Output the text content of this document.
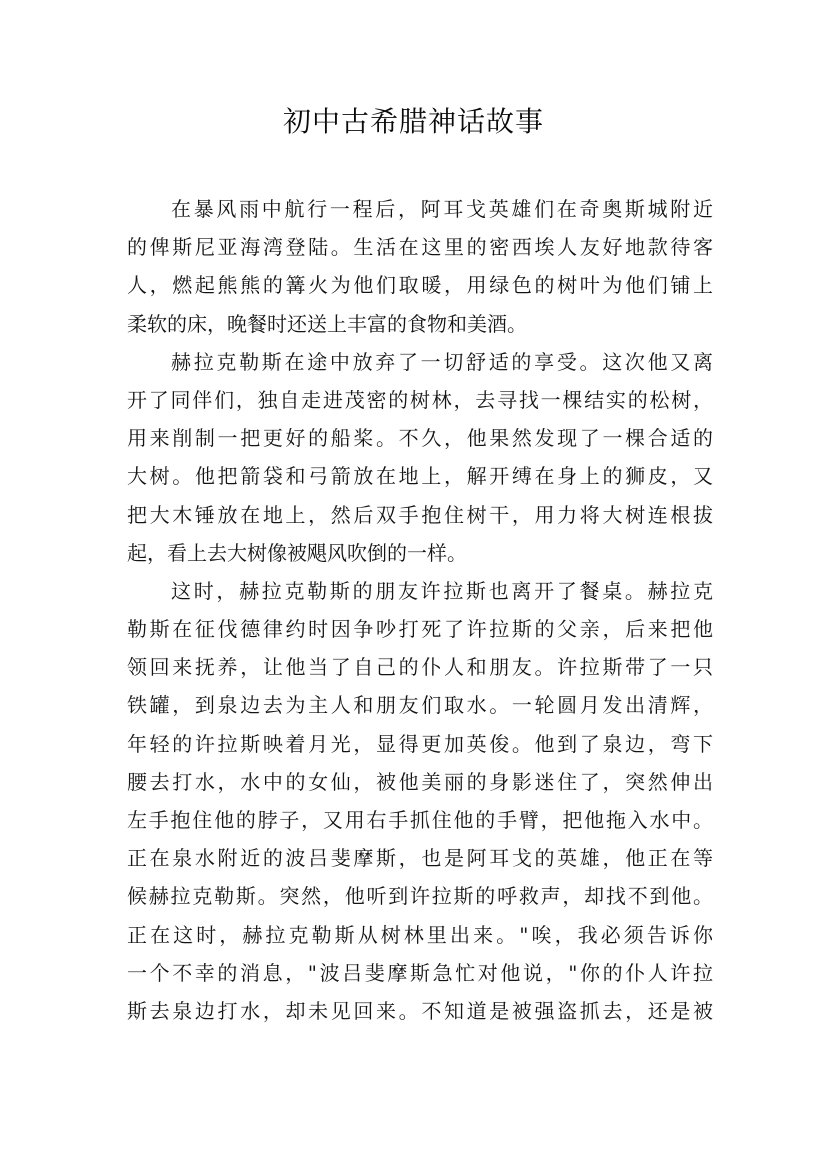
初中古希腊神话故事
在暴风雨中航行一程后，阿耳戈英雄们在奇奥斯城附近
的俾斯尼亚海湾登陆。生活在这里的密西埃人友好地款待客
人，燃起熊熊的篝火为他们取暖，用绿色的树叶为他们铺上
柔软的床，晚餐时还送上丰富的食物和美酒。
赫拉克勒斯在途中放弃了一切舒适的享受。这次他又离
开了同伴们，独自走进茂密的树林，去寻找一棵结实的松树，
用来削制一把更好的船桨。不久，他果然发现了一棵合适的
大树。他把箭袋和弓箭放在地上，解开缚在身上的狮皮，又
把大木锤放在地上，然后双手抱住树干，用力将大树连根拔
起，看上去大树像被飓风吹倒的一样。
这时，赫拉克勒斯的朋友许拉斯也离开了餐桌。赫拉克
勒斯在征伐德律约时因争吵打死了许拉斯的父亲，后来把他
领回来抚养，让他当了自己的仆人和朋友。许拉斯带了一只
铁罐，到泉边去为主人和朋友们取水。一轮圆月发出清辉，
年轻的许拉斯映着月光，显得更加英俊。他到了泉边，弯下
腰去打水，水中的女仙，被他美丽的身影迷住了，突然伸出
左手抱住他的脖子，又用右手抓住他的手臂，把他拖入水中。
正在泉水附近的波吕斐摩斯，也是阿耳戈的英雄，他正在等
候赫拉克勒斯。突然，他听到许拉斯的呼救声，却找不到他。
正在这时，赫拉克勒斯从树林里出来。"唉，我必须告诉你
一个不幸的消息，"波吕斐摩斯急忙对他说，"你的仆人许拉
斯去泉边打水，却未见回来。不知道是被强盗抓去，还是被
